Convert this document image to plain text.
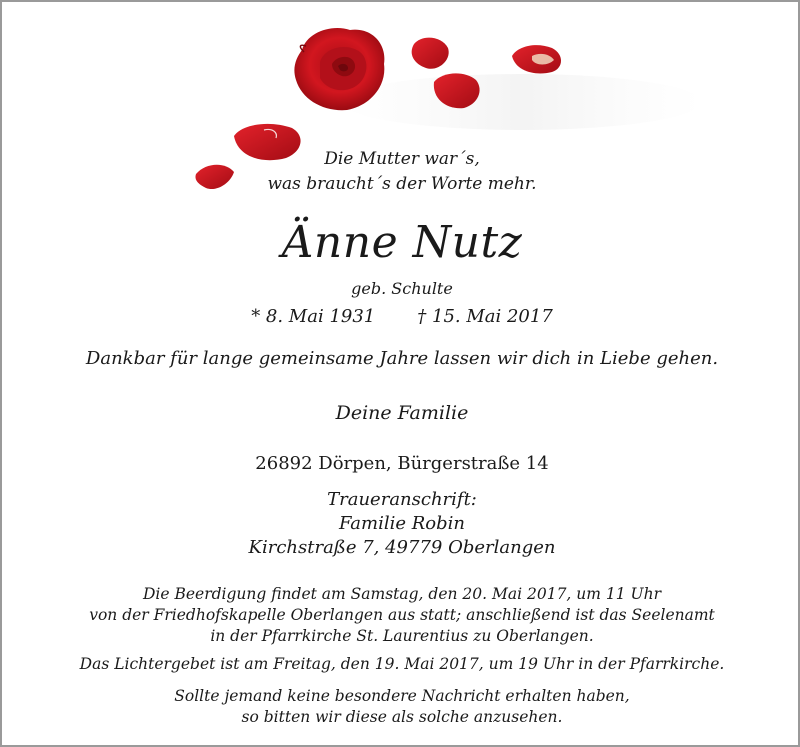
Die Mutter war´s,
was braucht´s der Worte mehr.
Änne Nutz
geb. Schulte
* 8. Mai 1931 † 15. Mai 2017
Dankbar für lange gemeinsame Jahre lassen wir dich in Liebe gehen.
Deine Familie
26892 Dörpen, Bürgerstraße 14
Traueranschrift:
Familie Robin
Kirchstraße 7, 49779 Oberlangen
Die Beerdigung findet am Samstag, den 20. Mai 2017, um 11 Uhr
von der Friedhofskapelle Oberlangen aus statt; anschließend ist das Seelenamt
in der Pfarrkirche St. Laurentius zu Oberlangen.
Das Lichtergebet ist am Freitag, den 19. Mai 2017, um 19 Uhr in der Pfarrkirche.
Sollte jemand keine besondere Nachricht erhalten haben,
so bitten wir diese als solche anzusehen.
